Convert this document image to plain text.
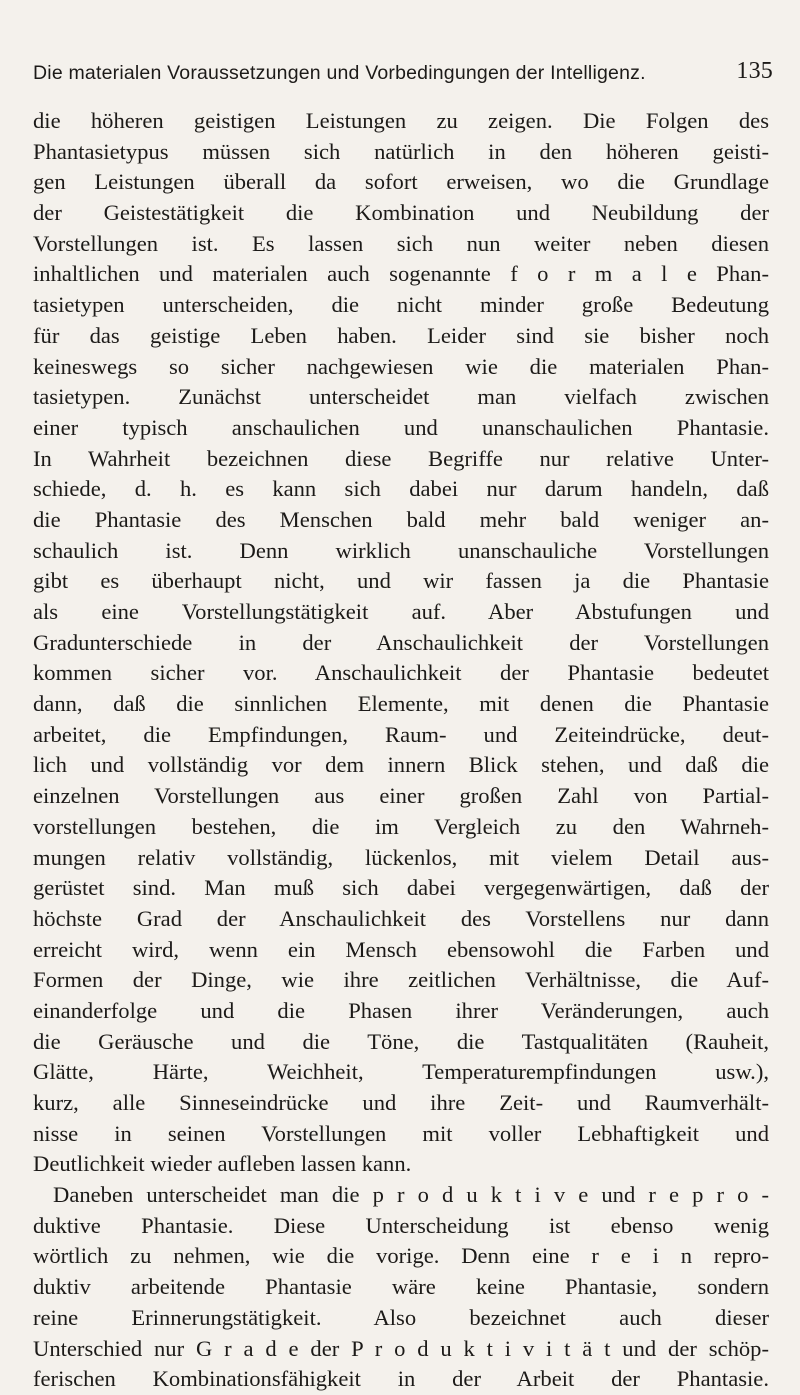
Die materialen Voraussetzungen und Vorbedingungen der Intelligenz.	135
die höheren geistigen Leistungen zu zeigen. Die Folgen des
Phantasietypus müssen sich natürlich in den höheren geisti-
gen Leistungen überall da sofort erweisen, wo die Grundlage
der Geistestätigkeit die Kombination und Neubildung der
Vorstellungen ist. Es lassen sich nun weiter neben diesen
inhaltlichen und materialen auch sogenannte f o r m a l e Phan-
tasietypen unterscheiden, die nicht minder große Bedeutung
für das geistige Leben haben. Leider sind sie bisher noch
keineswegs so sicher nachgewiesen wie die materialen Phan-
tasietypen. Zunächst unterscheidet man vielfach zwischen
einer typisch anschaulichen und unanschaulichen Phantasie.
In Wahrheit bezeichnen diese Begriffe nur relative Unter-
schiede, d. h. es kann sich dabei nur darum handeln, daß
die Phantasie des Menschen bald mehr bald weniger an-
schaulich ist. Denn wirklich unanschauliche Vorstellungen
gibt es überhaupt nicht, und wir fassen ja die Phantasie
als eine Vorstellungstätigkeit auf. Aber Abstufungen und
Gradunterschiede in der Anschaulichkeit der Vorstellungen
kommen sicher vor. Anschaulichkeit der Phantasie bedeutet
dann, daß die sinnlichen Elemente, mit denen die Phantasie
arbeitet, die Empfindungen, Raum- und Zeiteindrücke, deut-
lich und vollständig vor dem innern Blick stehen, und daß die
einzelnen Vorstellungen aus einer großen Zahl von Partial-
vorstellungen bestehen, die im Vergleich zu den Wahrneh-
mungen relativ vollständig, lückenlos, mit vielem Detail aus-
gerüstet sind. Man muß sich dabei vergegenwärtigen, daß der
höchste Grad der Anschaulichkeit des Vorstellens nur dann
erreicht wird, wenn ein Mensch ebensowohl die Farben und
Formen der Dinge, wie ihre zeitlichen Verhältnisse, die Auf-
einanderfolge und die Phasen ihrer Veränderungen, auch
die Geräusche und die Töne, die Tastqualitäten (Rauheit,
Glätte, Härte, Weichheit, Temperaturempfindungen usw.),
kurz, alle Sinneseindrücke und ihre Zeit- und Raumverhält-
nisse in seinen Vorstellungen mit voller Lebhaftigkeit und
Deutlichkeit wieder aufleben lassen kann.
Daneben unterscheidet man die p r o d u k t i v e und r e p r o -
duktive Phantasie. Diese Unterscheidung ist ebenso wenig
wörtlich zu nehmen, wie die vorige. Denn eine r e i n repro-
duktiv arbeitende Phantasie wäre keine Phantasie, sondern
reine Erinnerungstätigkeit. Also bezeichnet auch dieser
Unterschied nur G r a d e der P r o d u k t i v i t ä t und der schöp-
ferischen Kombinationsfähigkeit in der Arbeit der Phantasie.
